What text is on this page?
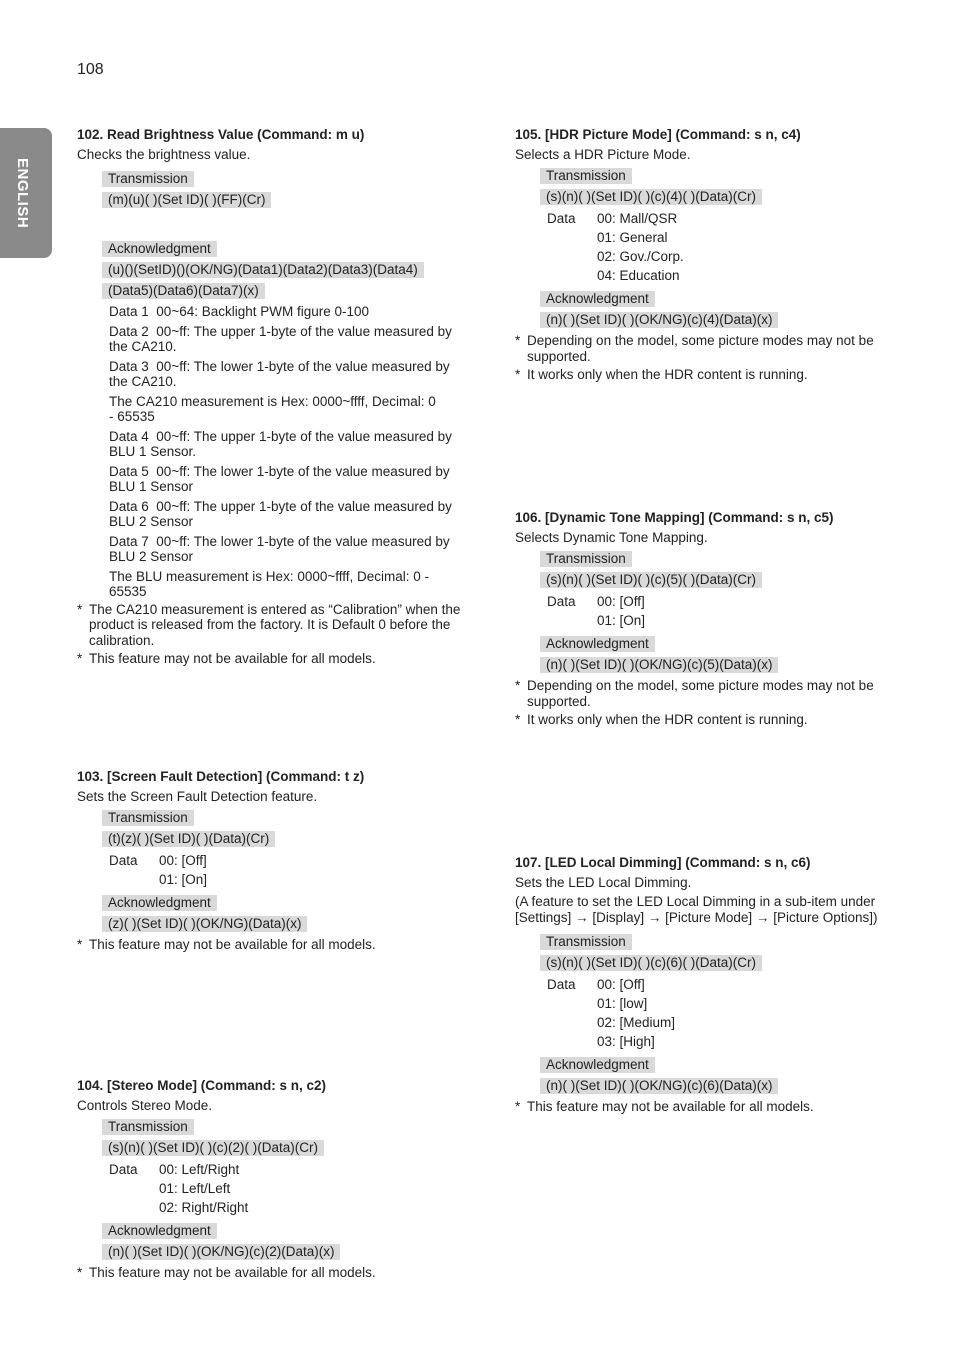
108
ENGLISH
102. Read Brightness Value (Command: m u)
Checks the brightness value.
Transmission
(m)(u)( )(Set ID)( )(FF)(Cr)
Acknowledgment
(u)()(SetID)()(OK/NG)(Data1)(Data2)(Data3)(Data4)
(Data5)(Data6)(Data7)(x)
Data 1 00~64: Backlight PWM figure 0-100
Data 2 00~ff: The upper 1-byte of the value measured by the CA210.
Data 3 00~ff: The lower 1-byte of the value measured by the CA210.
The CA210 measurement is Hex: 0000~ffff, Decimal: 0 - 65535
Data 4 00~ff: The upper 1-byte of the value measured by BLU 1 Sensor.
Data 5 00~ff: The lower 1-byte of the value measured by BLU 1 Sensor
Data 6 00~ff: The upper 1-byte of the value measured by BLU 2 Sensor
Data 7 00~ff: The lower 1-byte of the value measured by BLU 2 Sensor
The BLU measurement is Hex: 0000~ffff, Decimal: 0 - 65535
* The CA210 measurement is entered as “Calibration” when the product is released from the factory. It is Default 0 before the calibration.
* This feature may not be available for all models.
103. [Screen Fault Detection] (Command: t z)
Sets the Screen Fault Detection feature.
Transmission
(t)(z)( )(Set ID)( )(Data)(Cr)
Data	00: [Off]
01: [On]
Acknowledgment
(z)( )(Set ID)( )(OK/NG)(Data)(x)
* This feature may not be available for all models.
104. [Stereo Mode] (Command: s n, c2)
Controls Stereo Mode.
Transmission
(s)(n)( )(Set ID)( )(c)(2)( )(Data)(Cr)
Data	00: Left/Right
01: Left/Left
02: Right/Right
Acknowledgment
(n)( )(Set ID)( )(OK/NG)(c)(2)(Data)(x)
* This feature may not be available for all models.
105. [HDR Picture Mode] (Command: s n, c4)
Selects a HDR Picture Mode.
Transmission
(s)(n)( )(Set ID)( )(c)(4)( )(Data)(Cr)
Data	00: Mall/QSR
01: General
02: Gov./Corp.
04: Education
Acknowledgment
(n)( )(Set ID)( )(OK/NG)(c)(4)(Data)(x)
* Depending on the model, some picture modes may not be supported.
* It works only when the HDR content is running.
106. [Dynamic Tone Mapping] (Command: s n, c5)
Selects Dynamic Tone Mapping.
Transmission
(s)(n)( )(Set ID)( )(c)(5)( )(Data)(Cr)
Data	00: [Off]
01: [On]
Acknowledgment
(n)( )(Set ID)( )(OK/NG)(c)(5)(Data)(x)
* Depending on the model, some picture modes may not be supported.
* It works only when the HDR content is running.
107. [LED Local Dimming] (Command: s n, c6)
Sets the LED Local Dimming.
(A feature to set the LED Local Dimming in a sub-item under
[Settings] → [Display] → [Picture Mode] → [Picture Options])
Transmission
(s)(n)( )(Set ID)( )(c)(6)( )(Data)(Cr)
Data	00: [Off]
01: [low]
02: [Medium]
03: [High]
Acknowledgment
(n)( )(Set ID)( )(OK/NG)(c)(6)(Data)(x)
* This feature may not be available for all models.
